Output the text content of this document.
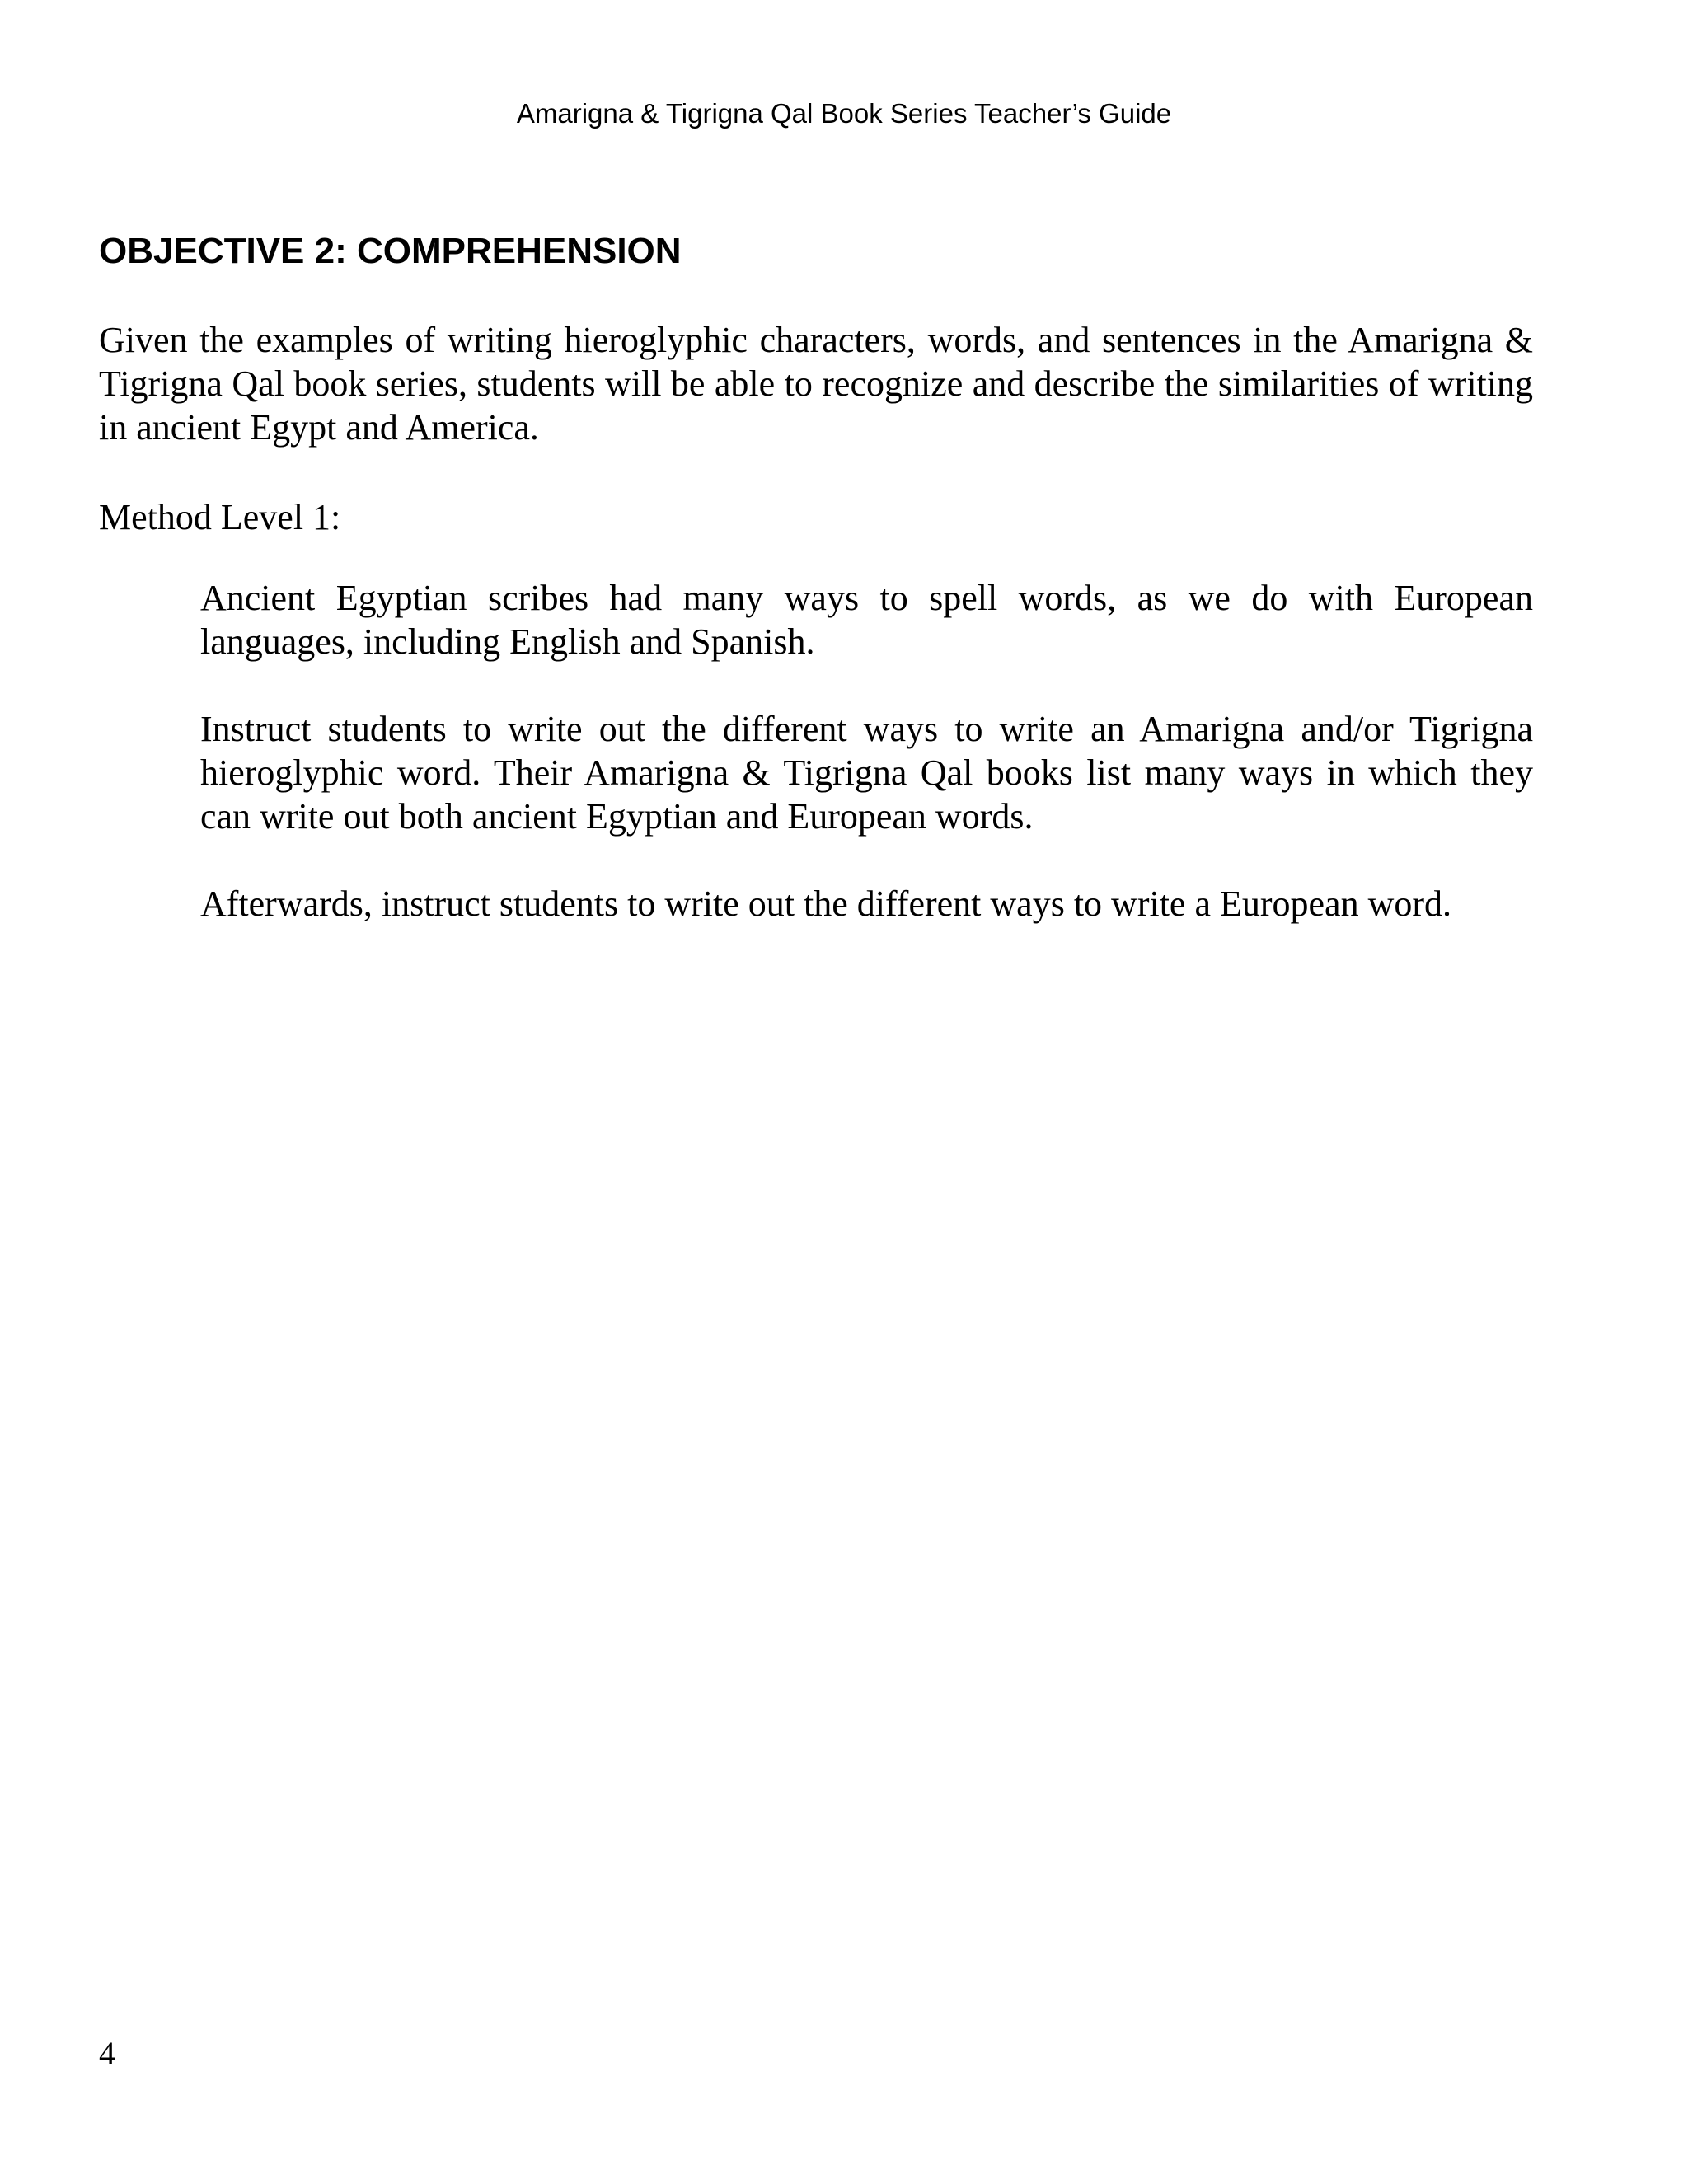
Amarigna & Tigrigna Qal Book Series Teacher’s Guide
OBJECTIVE 2: COMPREHENSION

Given the examples of writing hieroglyphic characters, words, and sentences in the Amarigna & Tigrigna Qal book series, students will be able to recognize and describe the similarities of writing in ancient Egypt and America.

Method Level 1:

Ancient Egyptian scribes had many ways to spell words, as we do with European languages, including English and Spanish.

Instruct students to write out the different ways to write an Amarigna and/or Tigrigna hieroglyphic word. Their Amarigna & Tigrigna Qal books list many ways in which they can write out both ancient Egyptian and European words.

Afterwards, instruct students to write out the different ways to write a European word.

4
